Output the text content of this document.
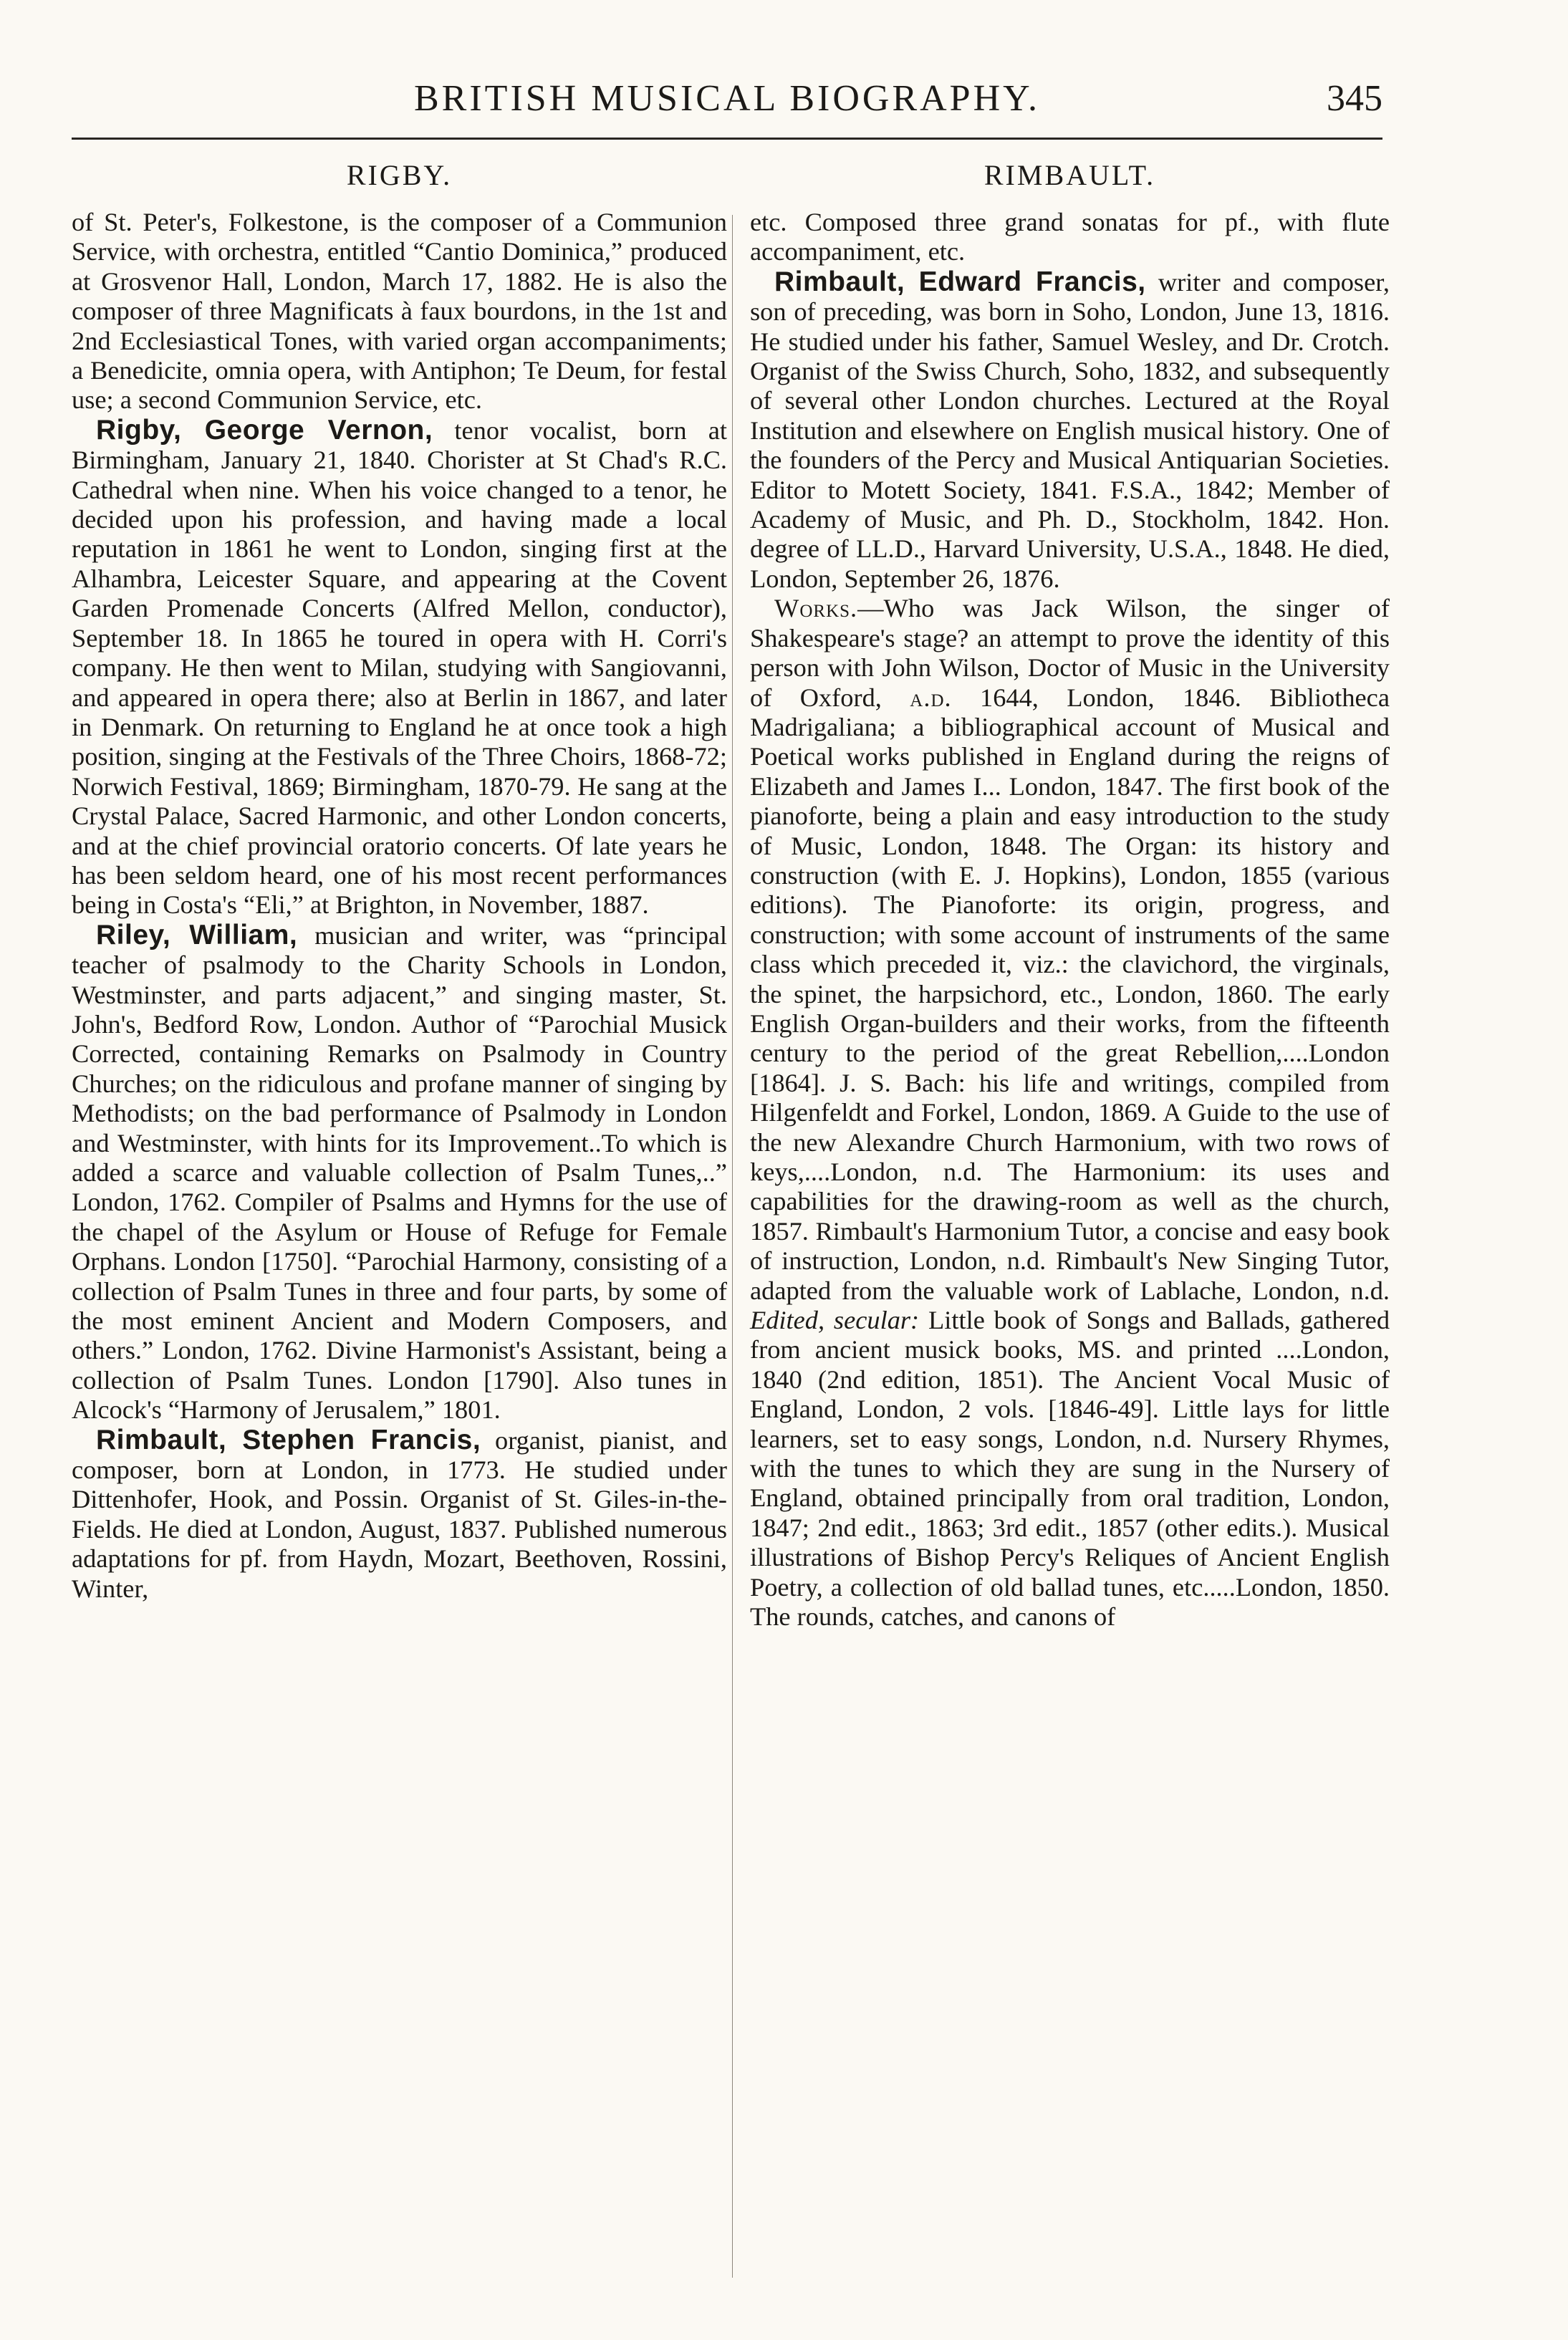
BRITISH MUSICAL BIOGRAPHY.	345
RIGBY.

of St. Peter's, Folkestone, is the composer of a Communion Service, with orchestra, entitled “Cantio Dominica,” produced at Grosvenor Hall, London, March 17, 1882. He is also the composer of three Magnificats à faux bourdons, in the 1st and 2nd Ecclesiastical Tones, with varied organ accompaniments; a Benedicite, omnia opera, with Antiphon; Te Deum, for festal use; a second Communion Service, etc.

Rigby, George Vernon, tenor vocalist, born at Birmingham, January 21, 1840. Chorister at St Chad's R.C. Cathedral when nine. When his voice changed to a tenor, he decided upon his profession, and having made a local reputation in 1861 he went to London, singing first at the Alhambra, Leicester Square, and appearing at the Covent Garden Promenade Concerts (Alfred Mellon, conductor), September 18. In 1865 he toured in opera with H. Corri's company. He then went to Milan, studying with Sangiovanni, and appeared in opera there; also at Berlin in 1867, and later in Denmark. On returning to England he at once took a high position, singing at the Festivals of the Three Choirs, 1868-72; Norwich Festival, 1869; Birmingham, 1870-79. He sang at the Crystal Palace, Sacred Harmonic, and other London concerts, and at the chief provincial oratorio concerts. Of late years he has been seldom heard, one of his most recent performances being in Costa's “Eli,” at Brighton, in November, 1887.

Riley, William, musician and writer, was “principal teacher of psalmody to the Charity Schools in London, Westminster, and parts adjacent,” and singing master, St. John's, Bedford Row, London. Author of “Parochial Musick Corrected, containing Remarks on Psalmody in Country Churches; on the ridiculous and profane manner of singing by Methodists; on the bad performance of Psalmody in London and Westminster, with hints for its Improvement..To which is added a scarce and valuable collection of Psalm Tunes,..” London, 1762. Compiler of Psalms and Hymns for the use of the chapel of the Asylum or House of Refuge for Female Orphans. London [1750]. “Parochial Harmony, consisting of a collection of Psalm Tunes in three and four parts, by some of the most eminent Ancient and Modern Composers, and others.” London, 1762. Divine Harmonist's Assistant, being a collection of Psalm Tunes. London [1790]. Also tunes in Alcock's “Harmony of Jerusalem,” 1801.

Rimbault, Stephen Francis, organist, pianist, and composer, born at London, in 1773. He studied under Dittenhofer, Hook, and Possin. Organist of St. Giles-in-the-Fields. He died at London, August, 1837. Published numerous adaptations for pf. from Haydn, Mozart, Beethoven, Rossini, Winter,

RIMBAULT.

etc. Composed three grand sonatas for pf., with flute accompaniment, etc.

Rimbault, Edward Francis, writer and composer, son of preceding, was born in Soho, London, June 13, 1816. He studied under his father, Samuel Wesley, and Dr. Crotch. Organist of the Swiss Church, Soho, 1832, and subsequently of several other London churches. Lectured at the Royal Institution and elsewhere on English musical history. One of the founders of the Percy and Musical Antiquarian Societies. Editor to Motett Society, 1841. F.S.A., 1842; Member of Academy of Music, and Ph. D., Stockholm, 1842. Hon. degree of LL.D., Harvard University, U.S.A., 1848. He died, London, September 26, 1876.

Works.—Who was Jack Wilson, the singer of Shakespeare's stage? an attempt to prove the identity of this person with John Wilson, Doctor of Music in the University of Oxford, a.d. 1644, London, 1846. Bibliotheca Madrigaliana; a bibliographical account of Musical and Poetical works published in England during the reigns of Elizabeth and James I... London, 1847. The first book of the pianoforte, being a plain and easy introduction to the study of Music, London, 1848. The Organ: its history and construction (with E. J. Hopkins), London, 1855 (various editions). The Pianoforte: its origin, progress, and construction; with some account of instruments of the same class which preceded it, viz.: the clavichord, the virginals, the spinet, the harpsichord, etc., London, 1860. The early English Organ-builders and their works, from the fifteenth century to the period of the great Rebellion,....London [1864]. J. S. Bach: his life and writings, compiled from Hilgenfeldt and Forkel, London, 1869. A Guide to the use of the new Alexandre Church Harmonium, with two rows of keys,....London, n.d. The Harmonium: its uses and capabilities for the drawing-room as well as the church, 1857. Rimbault's Harmonium Tutor, a concise and easy book of instruction, London, n.d. Rimbault's New Singing Tutor, adapted from the valuable work of Lablache, London, n.d. Edited, secular: Little book of Songs and Ballads, gathered from ancient musick books, MS. and printed ....London, 1840 (2nd edition, 1851). The Ancient Vocal Music of England, London, 2 vols. [1846-49]. Little lays for little learners, set to easy songs, London, n.d. Nursery Rhymes, with the tunes to which they are sung in the Nursery of England, obtained principally from oral tradition, London, 1847; 2nd edit., 1863; 3rd edit., 1857 (other edits.). Musical illustrations of Bishop Percy's Reliques of Ancient English Poetry, a collection of old ballad tunes, etc.....London, 1850. The rounds, catches, and canons of
